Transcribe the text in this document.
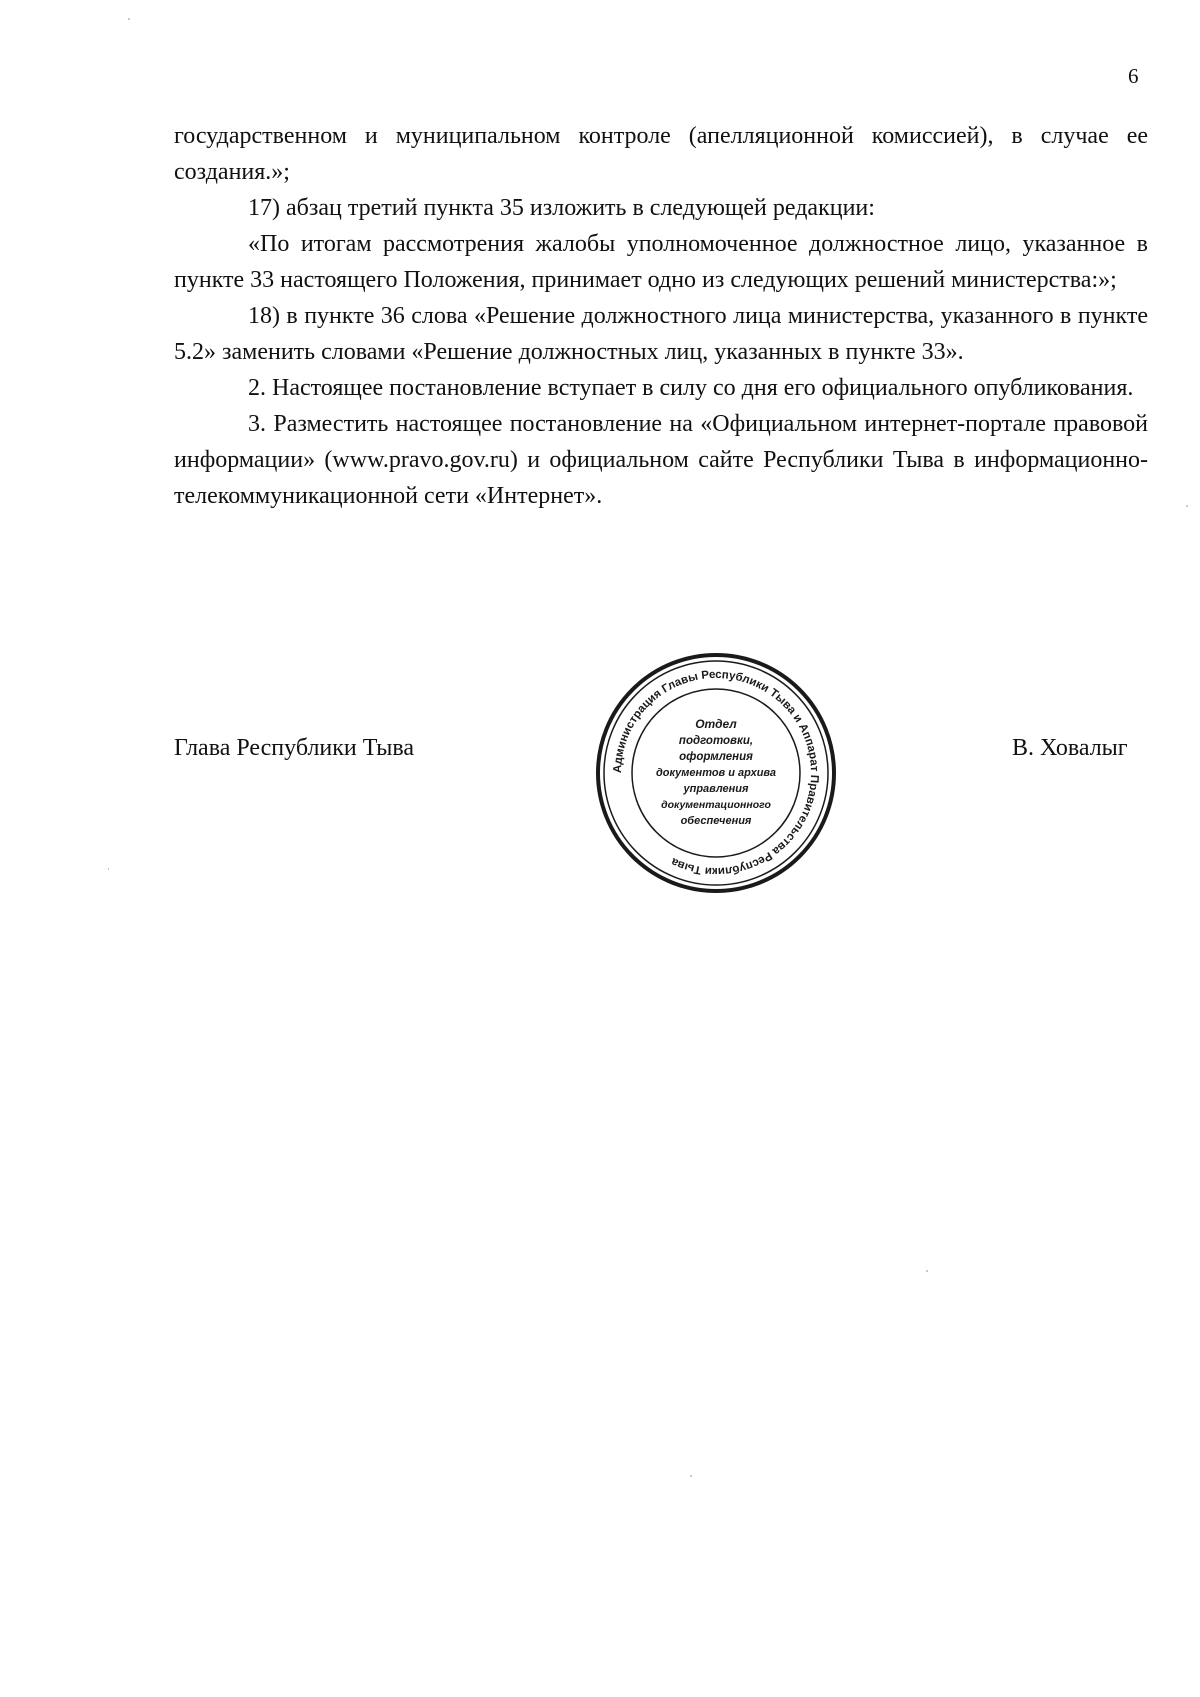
6

государственном и муниципальном контроле (апелляционной комиссией), в случае ее создания.»;

17) абзац третий пункта 35 изложить в следующей редакции:

«По итогам рассмотрения жалобы уполномоченное должностное лицо, указанное в пункте 33 настоящего Положения, принимает одно из следующих решений министерства:»;

18) в пункте 36 слова «Решение должностного лица министерства, указанного в пункте 5.2» заменить словами «Решение должностных лиц, указанных в пункте 33».

2. Настоящее постановление вступает в силу со дня его официального опубликования.

3. Разместить настоящее постановление на «Официальном интернет-портале правовой информации» (www.pravo.gov.ru) и официальном сайте Республики Тыва в информационно-телекоммуникационной сети «Интернет».

Глава Республики Тыва	В. Ховалыг
Администрация Главы Республики Тыва и Аппарат Правительства Республики Тыва
Отдел
подготовки,
оформления
документов и архива
управления
документационного
обеспечения
